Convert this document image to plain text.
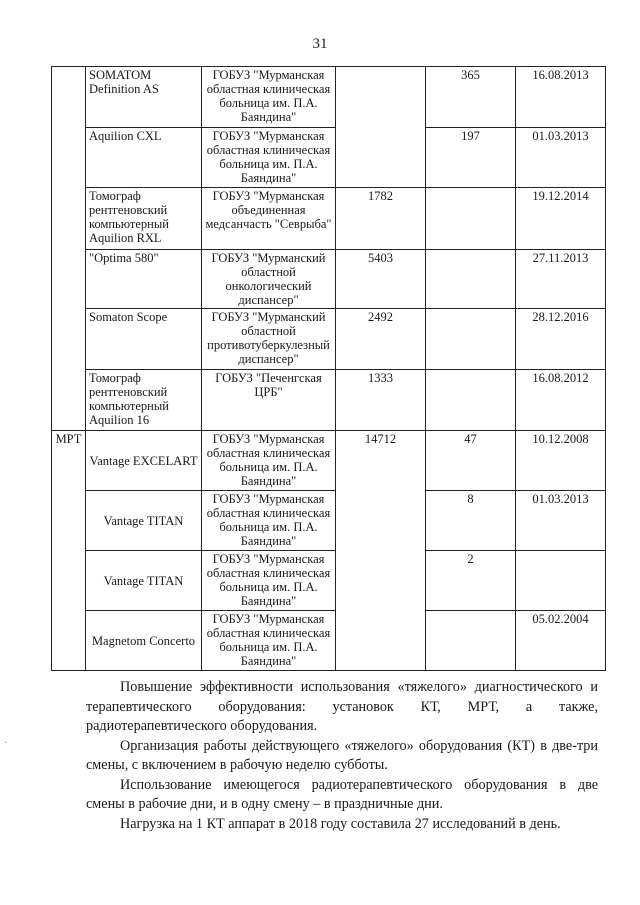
31
	SOMATOM Definition AS	ГОБУЗ "Мурманская областная клиническая больница им. П.А. Баяндина"		365	16.08.2013
	Aquilion CXL	ГОБУЗ "Мурманская областная клиническая больница им. П.А. Баяндина"		197	01.03.2013
	Томограф рентгеновский компьютерный Aquilion RXL	ГОБУЗ "Мурманская объединенная медсанчасть "Севрыба"	1782		19.12.2014
	"Optima 580"	ГОБУЗ "Мурманский областной онкологический диспансер"	5403		27.11.2013
	Somaton Scope	ГОБУЗ "Мурманский областной противотуберкулезный диспансер"	2492		28.12.2016
	Томограф рентгеновский компьютерный Aquilion 16	ГОБУЗ "Печенгская ЦРБ"	1333		16.08.2012
МРТ	Vantage EXCELART	ГОБУЗ "Мурманская областная клиническая больница им. П.А. Баяндина"	14712	47	10.12.2008
	Vantage TITAN	ГОБУЗ "Мурманская областная клиническая больница им. П.А. Баяндина"		8	01.03.2013
	Vantage TITAN	ГОБУЗ "Мурманская областная клиническая больница им. П.А. Баяндина"		2	
	Magnetom Concerto	ГОБУЗ "Мурманская областная клиническая больница им. П.А. Баяндина"			05.02.2004
·

Повышение эффективности использования «тяжелого» диагностического и терапевтического оборудования: установок КТ, МРТ, а также, радиотерапевтического оборудования.

Организация работы действующего «тяжелого» оборудования (КТ) в две-три смены, с включением в рабочую неделю субботы.

Использование имеющегося радиотерапевтического оборудования в две смены в рабочие дни, и в одну смену – в праздничные дни.

Нагрузка на 1 КТ аппарат в 2018 году составила 27 исследований в день.
